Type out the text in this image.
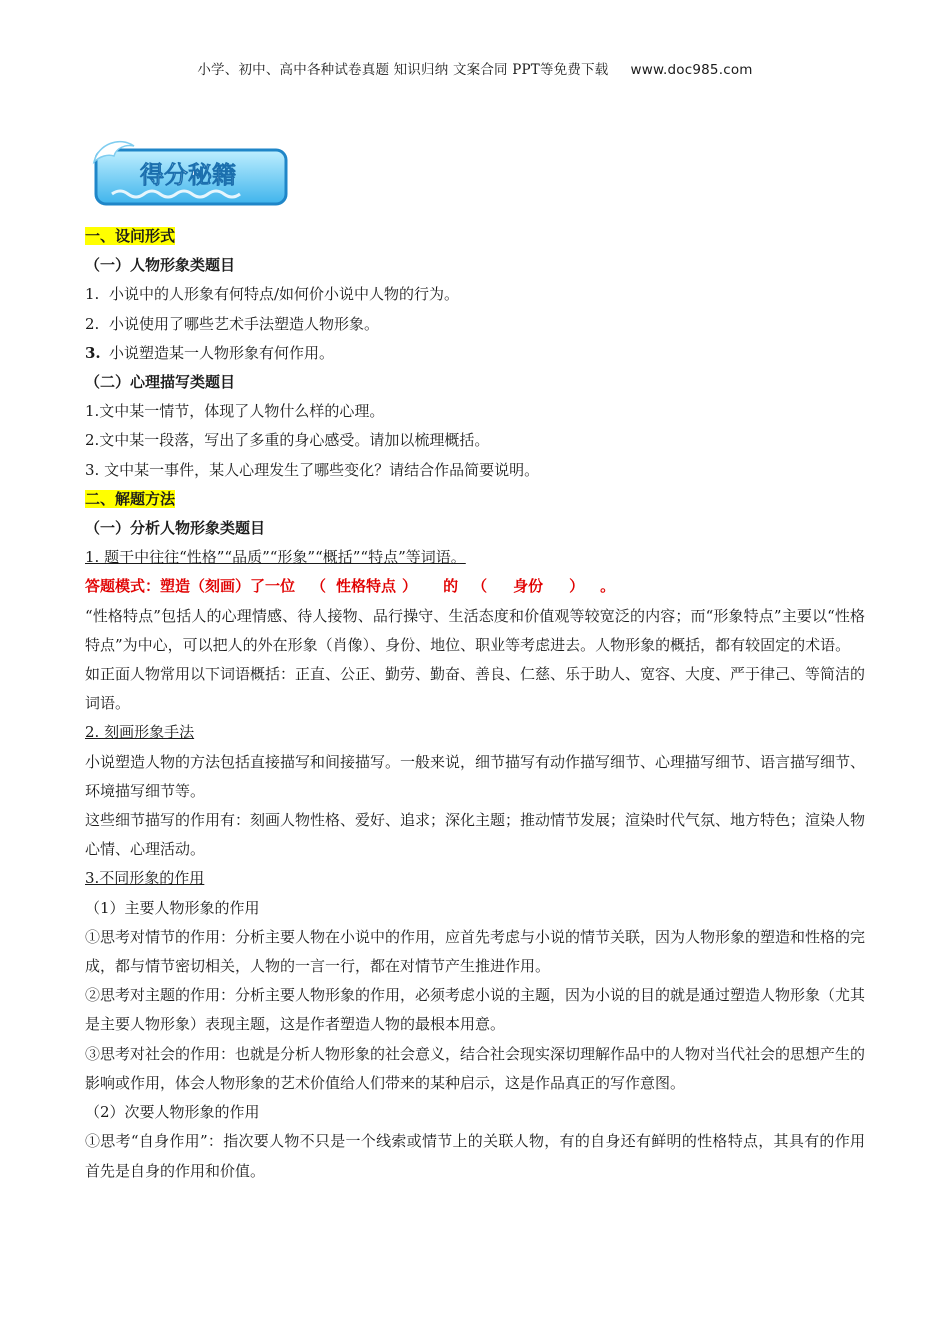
小学、初中、高中各种试卷真题 知识归纳 文案合同 PPT等免费下载 www.doc985.com
得分秘籍
一、设问形式
（一）人物形象类题目
1. 小说中的人形象有何特点/如何价小说中人物的行为。
2. 小说使用了哪些艺术手法塑造人物形象。
3. 小说塑造某一人物形象有何作用。
（二）心理描写类题目
1.文中某一情节，体现了人物什么样的心理。
2.文中某一段落，写出了多重的身心感受。请加以梳理概括。
3. 文中某一事件，某人心理发生了哪些变化？请结合作品简要说明。
二、解题方法
（一）分析人物形象类题目
1. 题干中往往“性格”“品质”“形象”“概括”“特点”等词语。
答题模式：塑造（刻画）了一位 （ 性格特点 ） 的 （ 身份 ） 。
“性格特点”包括人的心理情感、待人接物、品行操守、生活态度和价值观等较宽泛的内容；而“形象特点”主要以“性格特点”为中心，可以把人的外在形象（肖像）、身份、地位、职业等考虑进去。人物形象的概括，都有较固定的术语。
如正面人物常用以下词语概括：正直、公正、勤劳、勤奋、善良、仁慈、乐于助人、宽容、大度、严于律己、等简洁的词语。
2. 刻画形象手法
小说塑造人物的方法包括直接描写和间接描写。一般来说，细节描写有动作描写细节、心理描写细节、语言描写细节、环境描写细节等。
这些细节描写的作用有：刻画人物性格、爱好、追求；深化主题；推动情节发展；渲染时代气氛、地方特色；渲染人物心情、心理活动。
3.不同形象的作用
（1）主要人物形象的作用
①思考对情节的作用：分析主要人物在小说中的作用，应首先考虑与小说的情节关联，因为人物形象的塑造和性格的完成，都与情节密切相关，人物的一言一行，都在对情节产生推进作用。
②思考对主题的作用：分析主要人物形象的作用，必须考虑小说的主题，因为小说的目的就是通过塑造人物形象（尤其是主要人物形象）表现主题，这是作者塑造人物的最根本用意。
③思考对社会的作用：也就是分析人物形象的社会意义，结合社会现实深切理解作品中的人物对当代社会的思想产生的影响或作用，体会人物形象的艺术价值给人们带来的某种启示，这是作品真正的写作意图。
（2）次要人物形象的作用
①思考“自身作用”：指次要人物不只是一个线索或情节上的关联人物，有的自身还有鲜明的性格特点，其具有的作用首先是自身的作用和价值。
